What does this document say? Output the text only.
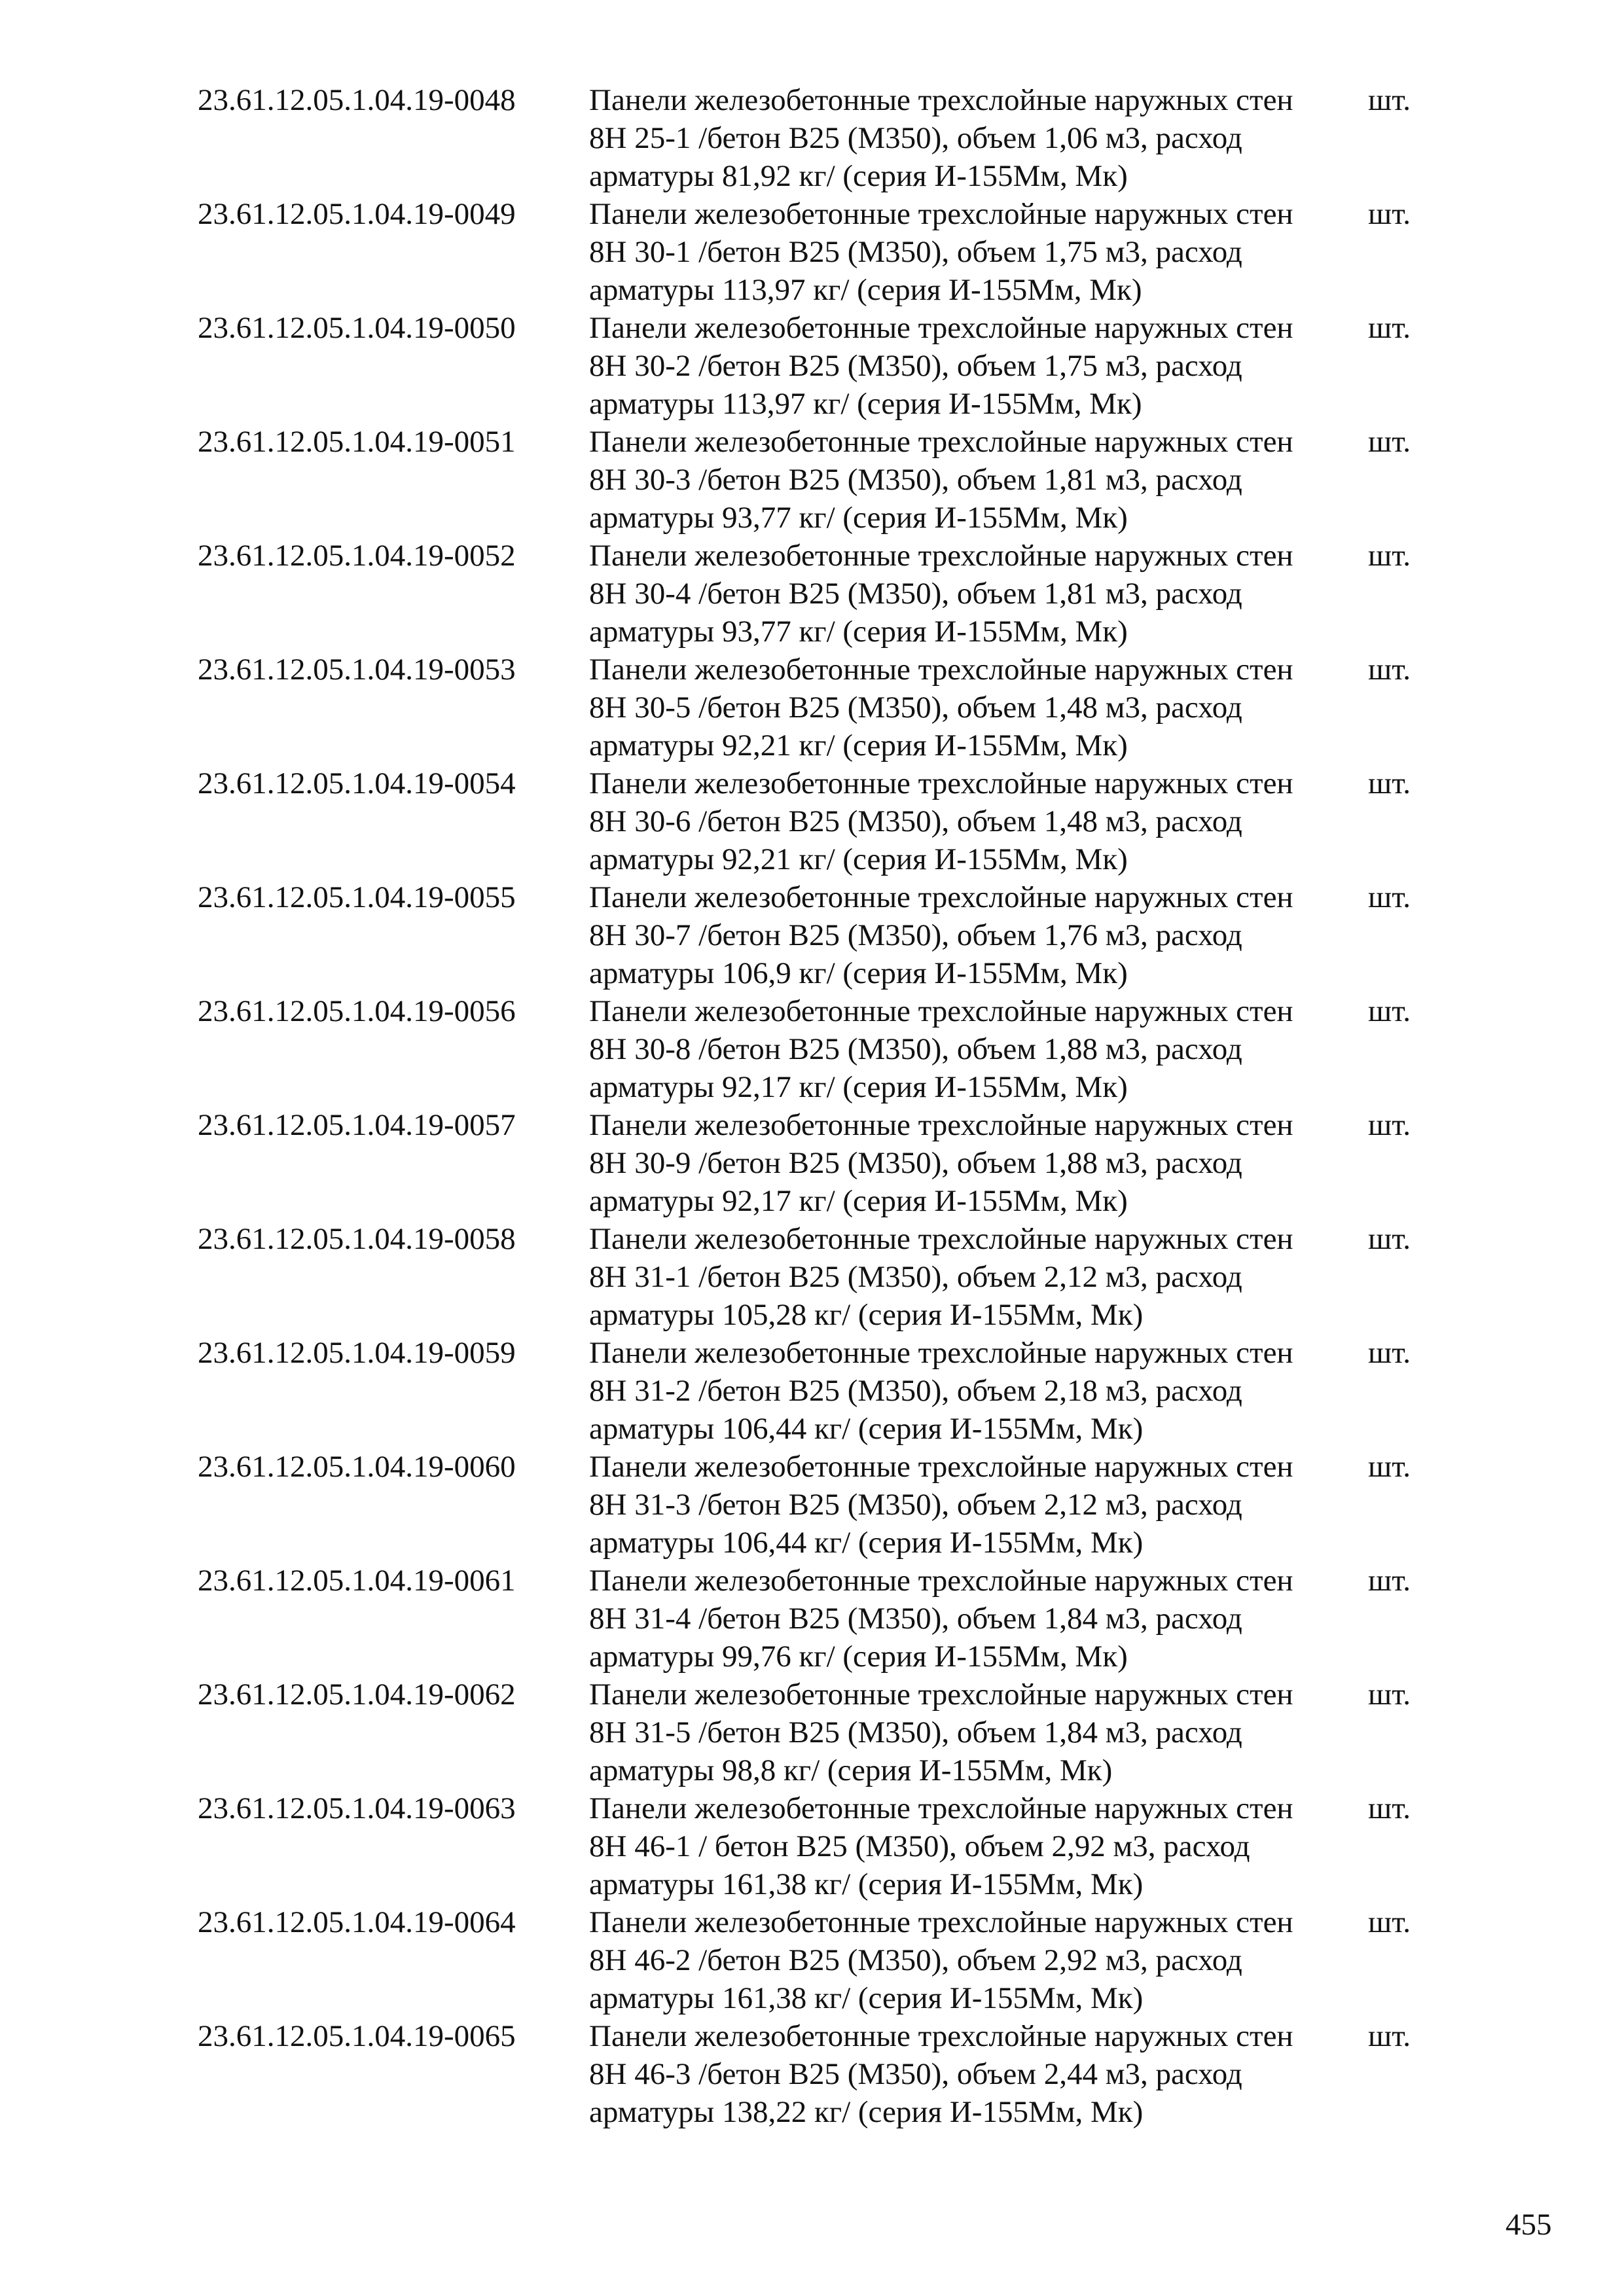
23.61.12.05.1.04.19-0048 Панели железобетонные трехслойные наружных стен
8Н 25-1 /бетон В25 (М350), объем 1,06 м3, расход
арматуры 81,92 кг/ (серия И-155Мм, Мк)
шт.
23.61.12.05.1.04.19-0049 Панели железобетонные трехслойные наружных стен
8Н 30-1 /бетон В25 (М350), объем 1,75 м3, расход
арматуры 113,97 кг/ (серия И-155Мм, Мк)
шт.
23.61.12.05.1.04.19-0050 Панели железобетонные трехслойные наружных стен
8Н 30-2 /бетон В25 (М350), объем 1,75 м3, расход
арматуры 113,97 кг/ (серия И-155Мм, Мк)
шт.
23.61.12.05.1.04.19-0051 Панели железобетонные трехслойные наружных стен
8Н 30-3 /бетон В25 (М350), объем 1,81 м3, расход
арматуры 93,77 кг/ (серия И-155Мм, Мк)
шт.
23.61.12.05.1.04.19-0052 Панели железобетонные трехслойные наружных стен
8Н 30-4 /бетон В25 (М350), объем 1,81 м3, расход
арматуры 93,77 кг/ (серия И-155Мм, Мк)
шт.
23.61.12.05.1.04.19-0053 Панели железобетонные трехслойные наружных стен
8Н 30-5 /бетон В25 (М350), объем 1,48 м3, расход
арматуры 92,21 кг/ (серия И-155Мм, Мк)
шт.
23.61.12.05.1.04.19-0054 Панели железобетонные трехслойные наружных стен
8Н 30-6 /бетон В25 (М350), объем 1,48 м3, расход
арматуры 92,21 кг/ (серия И-155Мм, Мк)
шт.
23.61.12.05.1.04.19-0055 Панели железобетонные трехслойные наружных стен
8Н 30-7 /бетон В25 (М350), объем 1,76 м3, расход
арматуры 106,9 кг/ (серия И-155Мм, Мк)
шт.
23.61.12.05.1.04.19-0056 Панели железобетонные трехслойные наружных стен
8Н 30-8 /бетон В25 (М350), объем 1,88 м3, расход
арматуры 92,17 кг/ (серия И-155Мм, Мк)
шт.
23.61.12.05.1.04.19-0057 Панели железобетонные трехслойные наружных стен
8Н 30-9 /бетон В25 (М350), объем 1,88 м3, расход
арматуры 92,17 кг/ (серия И-155Мм, Мк)
шт.
23.61.12.05.1.04.19-0058 Панели железобетонные трехслойные наружных стен
8Н 31-1 /бетон В25 (М350), объем 2,12 м3, расход
арматуры 105,28 кг/ (серия И-155Мм, Мк)
шт.
23.61.12.05.1.04.19-0059 Панели железобетонные трехслойные наружных стен
8Н 31-2 /бетон В25 (М350), объем 2,18 м3, расход
арматуры 106,44 кг/ (серия И-155Мм, Мк)
шт.
23.61.12.05.1.04.19-0060 Панели железобетонные трехслойные наружных стен
8Н 31-3 /бетон В25 (М350), объем 2,12 м3, расход
арматуры 106,44 кг/ (серия И-155Мм, Мк)
шт.
23.61.12.05.1.04.19-0061 Панели железобетонные трехслойные наружных стен
8Н 31-4 /бетон В25 (М350), объем 1,84 м3, расход
арматуры 99,76 кг/ (серия И-155Мм, Мк)
шт.
23.61.12.05.1.04.19-0062 Панели железобетонные трехслойные наружных стен
8Н 31-5 /бетон В25 (М350), объем 1,84 м3, расход
арматуры 98,8 кг/ (серия И-155Мм, Мк)
шт.
23.61.12.05.1.04.19-0063 Панели железобетонные трехслойные наружных стен
8Н 46-1 / бетон В25 (М350), объем 2,92 м3, расход
арматуры 161,38 кг/ (серия И-155Мм, Мк)
шт.
23.61.12.05.1.04.19-0064 Панели железобетонные трехслойные наружных стен
8Н 46-2 /бетон В25 (М350), объем 2,92 м3, расход
арматуры 161,38 кг/ (серия И-155Мм, Мк)
шт.
23.61.12.05.1.04.19-0065 Панели железобетонные трехслойные наружных стен
8Н 46-3 /бетон В25 (М350), объем 2,44 м3, расход
арматуры 138,22 кг/ (серия И-155Мм, Мк)
шт.
455
